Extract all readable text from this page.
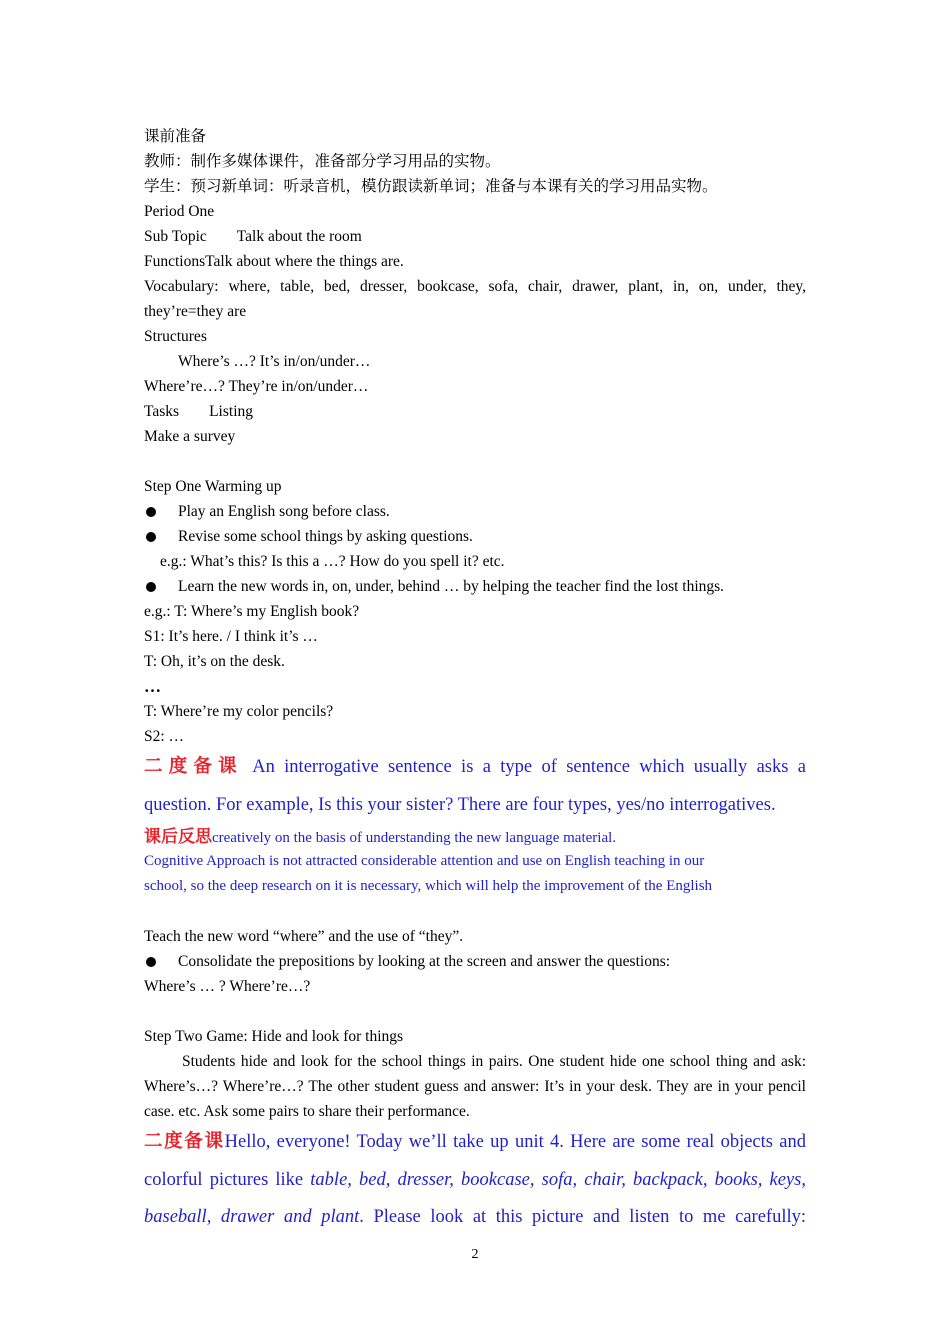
课前准备
教师：制作多媒体课件，准备部分学习用品的实物。
学生：预习新单词：听录音机，模仿跟读新单词；准备与本课有关的学习用品实物。
Period One
Sub Topic Talk about the room
FunctionsTalk about where the things are.
Vocabulary: where, table, bed, dresser, bookcase, sofa, chair, drawer, plant, in, on, under, they,
they’re=they are
Structures
Where’s …? It’s in/on/under…
Where’re…? They’re in/on/under…
Tasks Listing
Make a survey
Step One Warming up
Play an English song before class.
Revise some school things by asking questions.
e.g.: What’s this? Is this a …? How do you spell it? etc.
Learn the new words in, on, under, behind … by helping the teacher find the lost things.
e.g.: T: Where’s my English book?
S1: It’s here. / I think it’s …
T: Oh, it’s on the desk.
…
T: Where’re my color pencils?
S2: …
二度备课 An interrogative sentence is a type of sentence which usually asks a
question. For example, Is this your sister? There are four types, yes/no interrogatives.
课后反思creatively on the basis of understanding the new language material.
Cognitive Approach is not attracted considerable attention and use on English teaching in our
school, so the deep research on it is necessary, which will help the improvement of the English
Teach the new word “where” and the use of “they”.
Consolidate the prepositions by looking at the screen and answer the questions:
Where’s … ? Where’re…?
Step Two Game: Hide and look for things
Students hide and look for the school things in pairs. One student hide one school thing and ask: Where’s…? Where’re…? The other student guess and answer: It’s in your desk. They are in your pencil case. etc. Ask some pairs to share their performance.
二度备课Hello, everyone! Today we’ll take up unit 4. Here are some real objects and
colorful pictures like table, bed, dresser, bookcase, sofa, chair, backpack, books, keys,
baseball, drawer and plant. Please look at this picture and listen to me carefully:
2
